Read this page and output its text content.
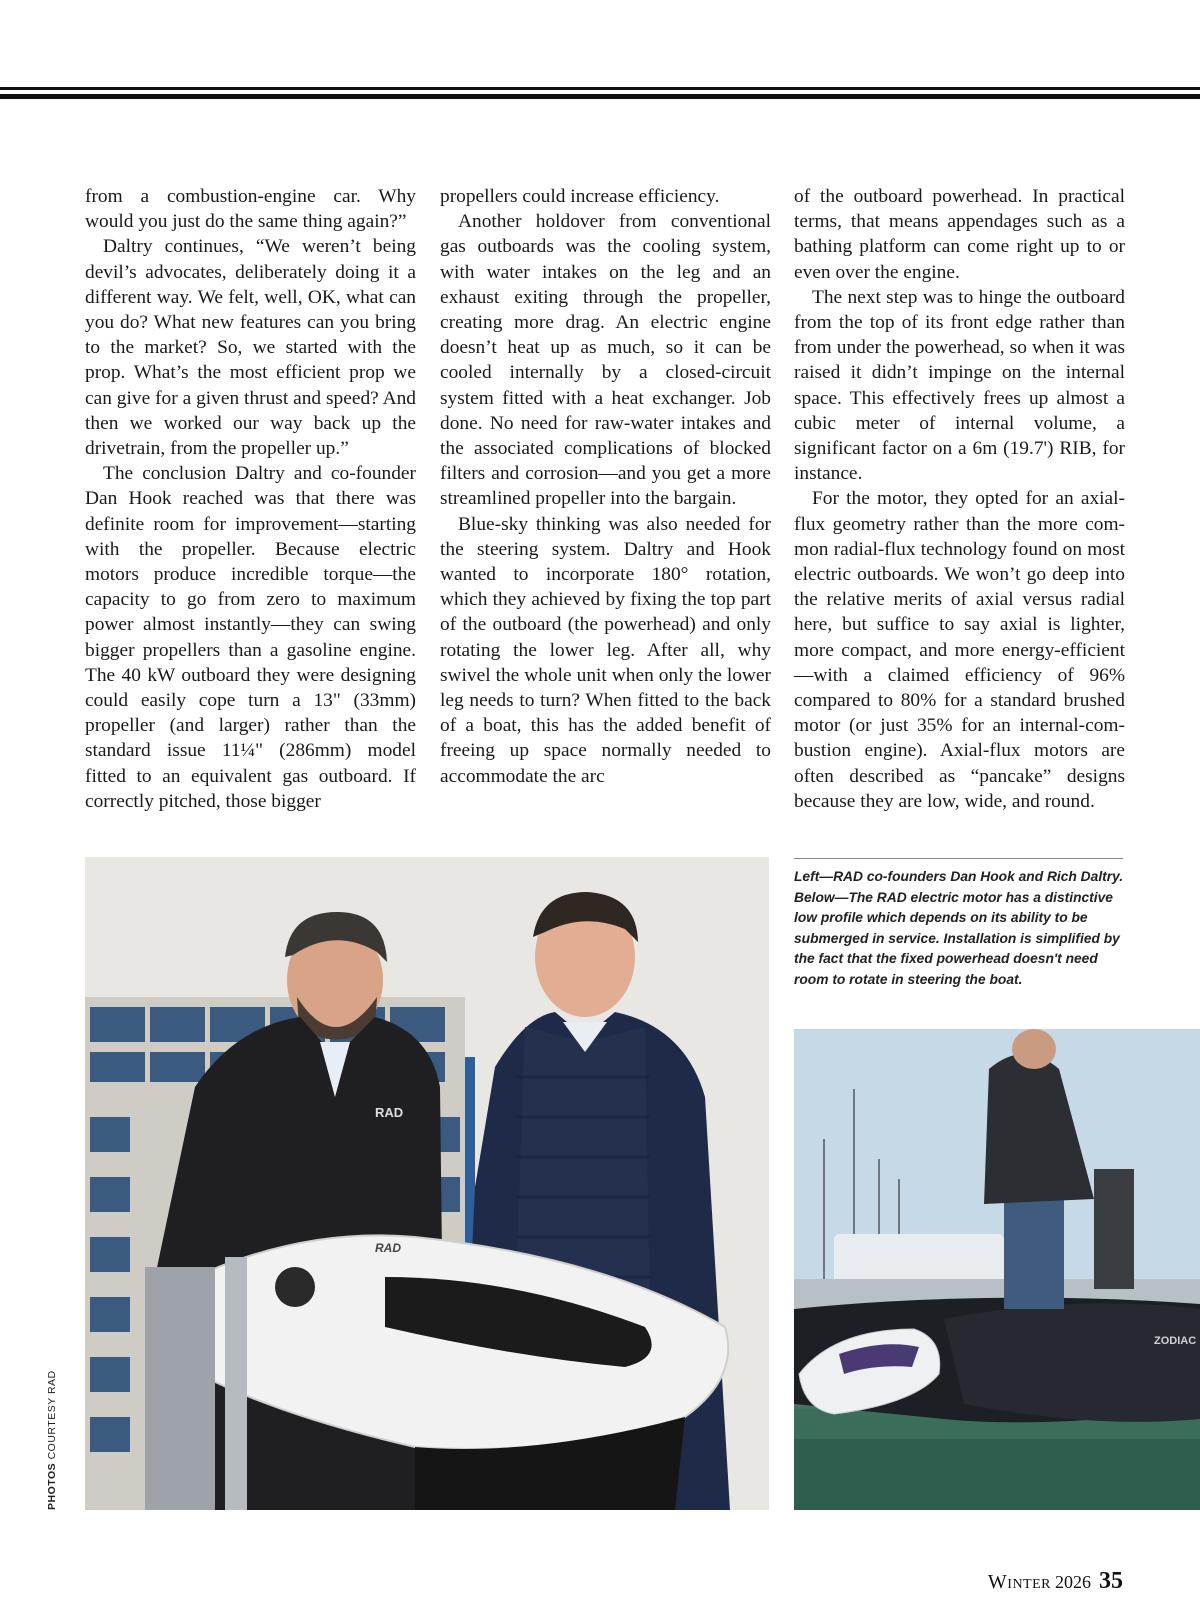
from a combustion-engine car. Why would you just do the same thing again?”

Daltry continues, “We weren’t being devil’s advocates, deliberately doing it a different way. We felt, well, OK, what can you do? What new features can you bring to the market? So, we started with the prop. What’s the most efficient prop we can give for a given thrust and speed? And then we worked our way back up the drivetrain, from the propeller up.”

The conclusion Daltry and co-founder Dan Hook reached was that there was definite room for improvement—starting with the propeller. Because electric motors produce incredible torque—the capacity to go from zero to maximum power almost instantly—they can swing bigger propellers than a gasoline engine. The 40 kW outboard they were designing could easily cope turn a 13" (33mm) propeller (and larger) rather than the standard issue 11¼" (286mm) model fitted to an equivalent gas outboard. If correctly pitched, those bigger

propellers could increase efficiency.

Another holdover from conventional gas outboards was the cooling system, with water intakes on the leg and an exhaust exiting through the propeller, creating more drag. An electric engine doesn’t heat up as much, so it can be cooled internally by a closed-circuit system fitted with a heat exchanger. Job done. No need for raw-water intakes and the associated complications of blocked filters and corrosion—and you get a more streamlined propeller into the bargain.

Blue-sky thinking was also needed for the steering system. Daltry and Hook wanted to incorporate 180° rotation, which they achieved by fixing the top part of the outboard (the powerhead) and only rotating the lower leg. After all, why swivel the whole unit when only the lower leg needs to turn? When fitted to the back of a boat, this has the added benefit of freeing up space normally needed to accommodate the arc

of the outboard powerhead. In practical terms, that means appendages such as a bathing platform can come right up to or even over the engine.

The next step was to hinge the outboard from the top of its front edge rather than from under the powerhead, so when it was raised it didn’t impinge on the internal space. This effectively frees up almost a cubic meter of internal volume, a significant factor on a 6m (19.7') RIB, for instance.

For the motor, they opted for an axial-flux geometry rather than the more common radial-flux technology found on most electric outboards. We won’t go deep into the relative merits of axial versus radial here, but suffice to say axial is lighter, more compact, and more energy-efficient—with a claimed efficiency of 96% compared to 80% for a standard brushed motor (or just 35% for an internal-combustion engine). Axial-flux motors are often described as “pancake” designs because they are low, wide, and round.

RAD
RAD
Left—RAD co-founders Dan Hook and Rich Daltry. Below—The RAD electric motor has a distinctive low profile which depends on its ability to be submerged in service. Installation is simplified by the fact that the fixed powerhead doesn't need room to rotate in steering the boat.
ZODIAC
PHOTOS COURTESY RAD
Winter 2026 35
